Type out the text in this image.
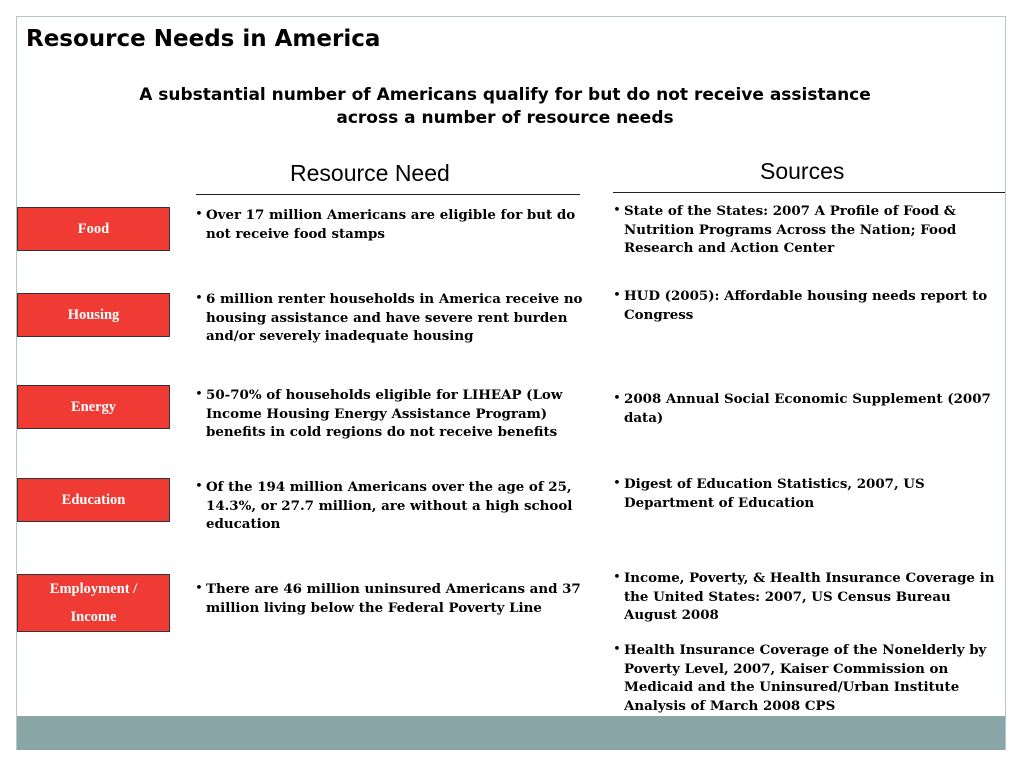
Resource Needs in America
A substantial number of Americans qualify for but do not receive assistance across a number of resource needs
Resource Need	Sources
Food
• Over 17 million Americans are eligible for but do not receive food stamps
• State of the States: 2007 A Profile of Food & Nutrition Programs Across the Nation; Food Research and Action Center
Housing
• 6 million renter households in America receive no housing assistance and have severe rent burden and/or severely inadequate housing
• HUD (2005): Affordable housing needs report to Congress
Energy
• 50-70% of households eligible for LIHEAP (Low Income Housing Energy Assistance Program) benefits in cold regions do not receive benefits
• 2008 Annual Social Economic Supplement (2007 data)
Education
• Of the 194 million Americans over the age of 25, 14.3%, or 27.7 million, are without a high school education
• Digest of Education Statistics, 2007, US Department of Education
Employment /
Income
• There are 46 million uninsured Americans and 37 million living below the Federal Poverty Line
• Income, Poverty, & Health Insurance Coverage in the United States: 2007, US Census Bureau August 2008
• Health Insurance Coverage of the Nonelderly by Poverty Level, 2007, Kaiser Commission on Medicaid and the Uninsured/Urban Institute Analysis of March 2008 CPS
